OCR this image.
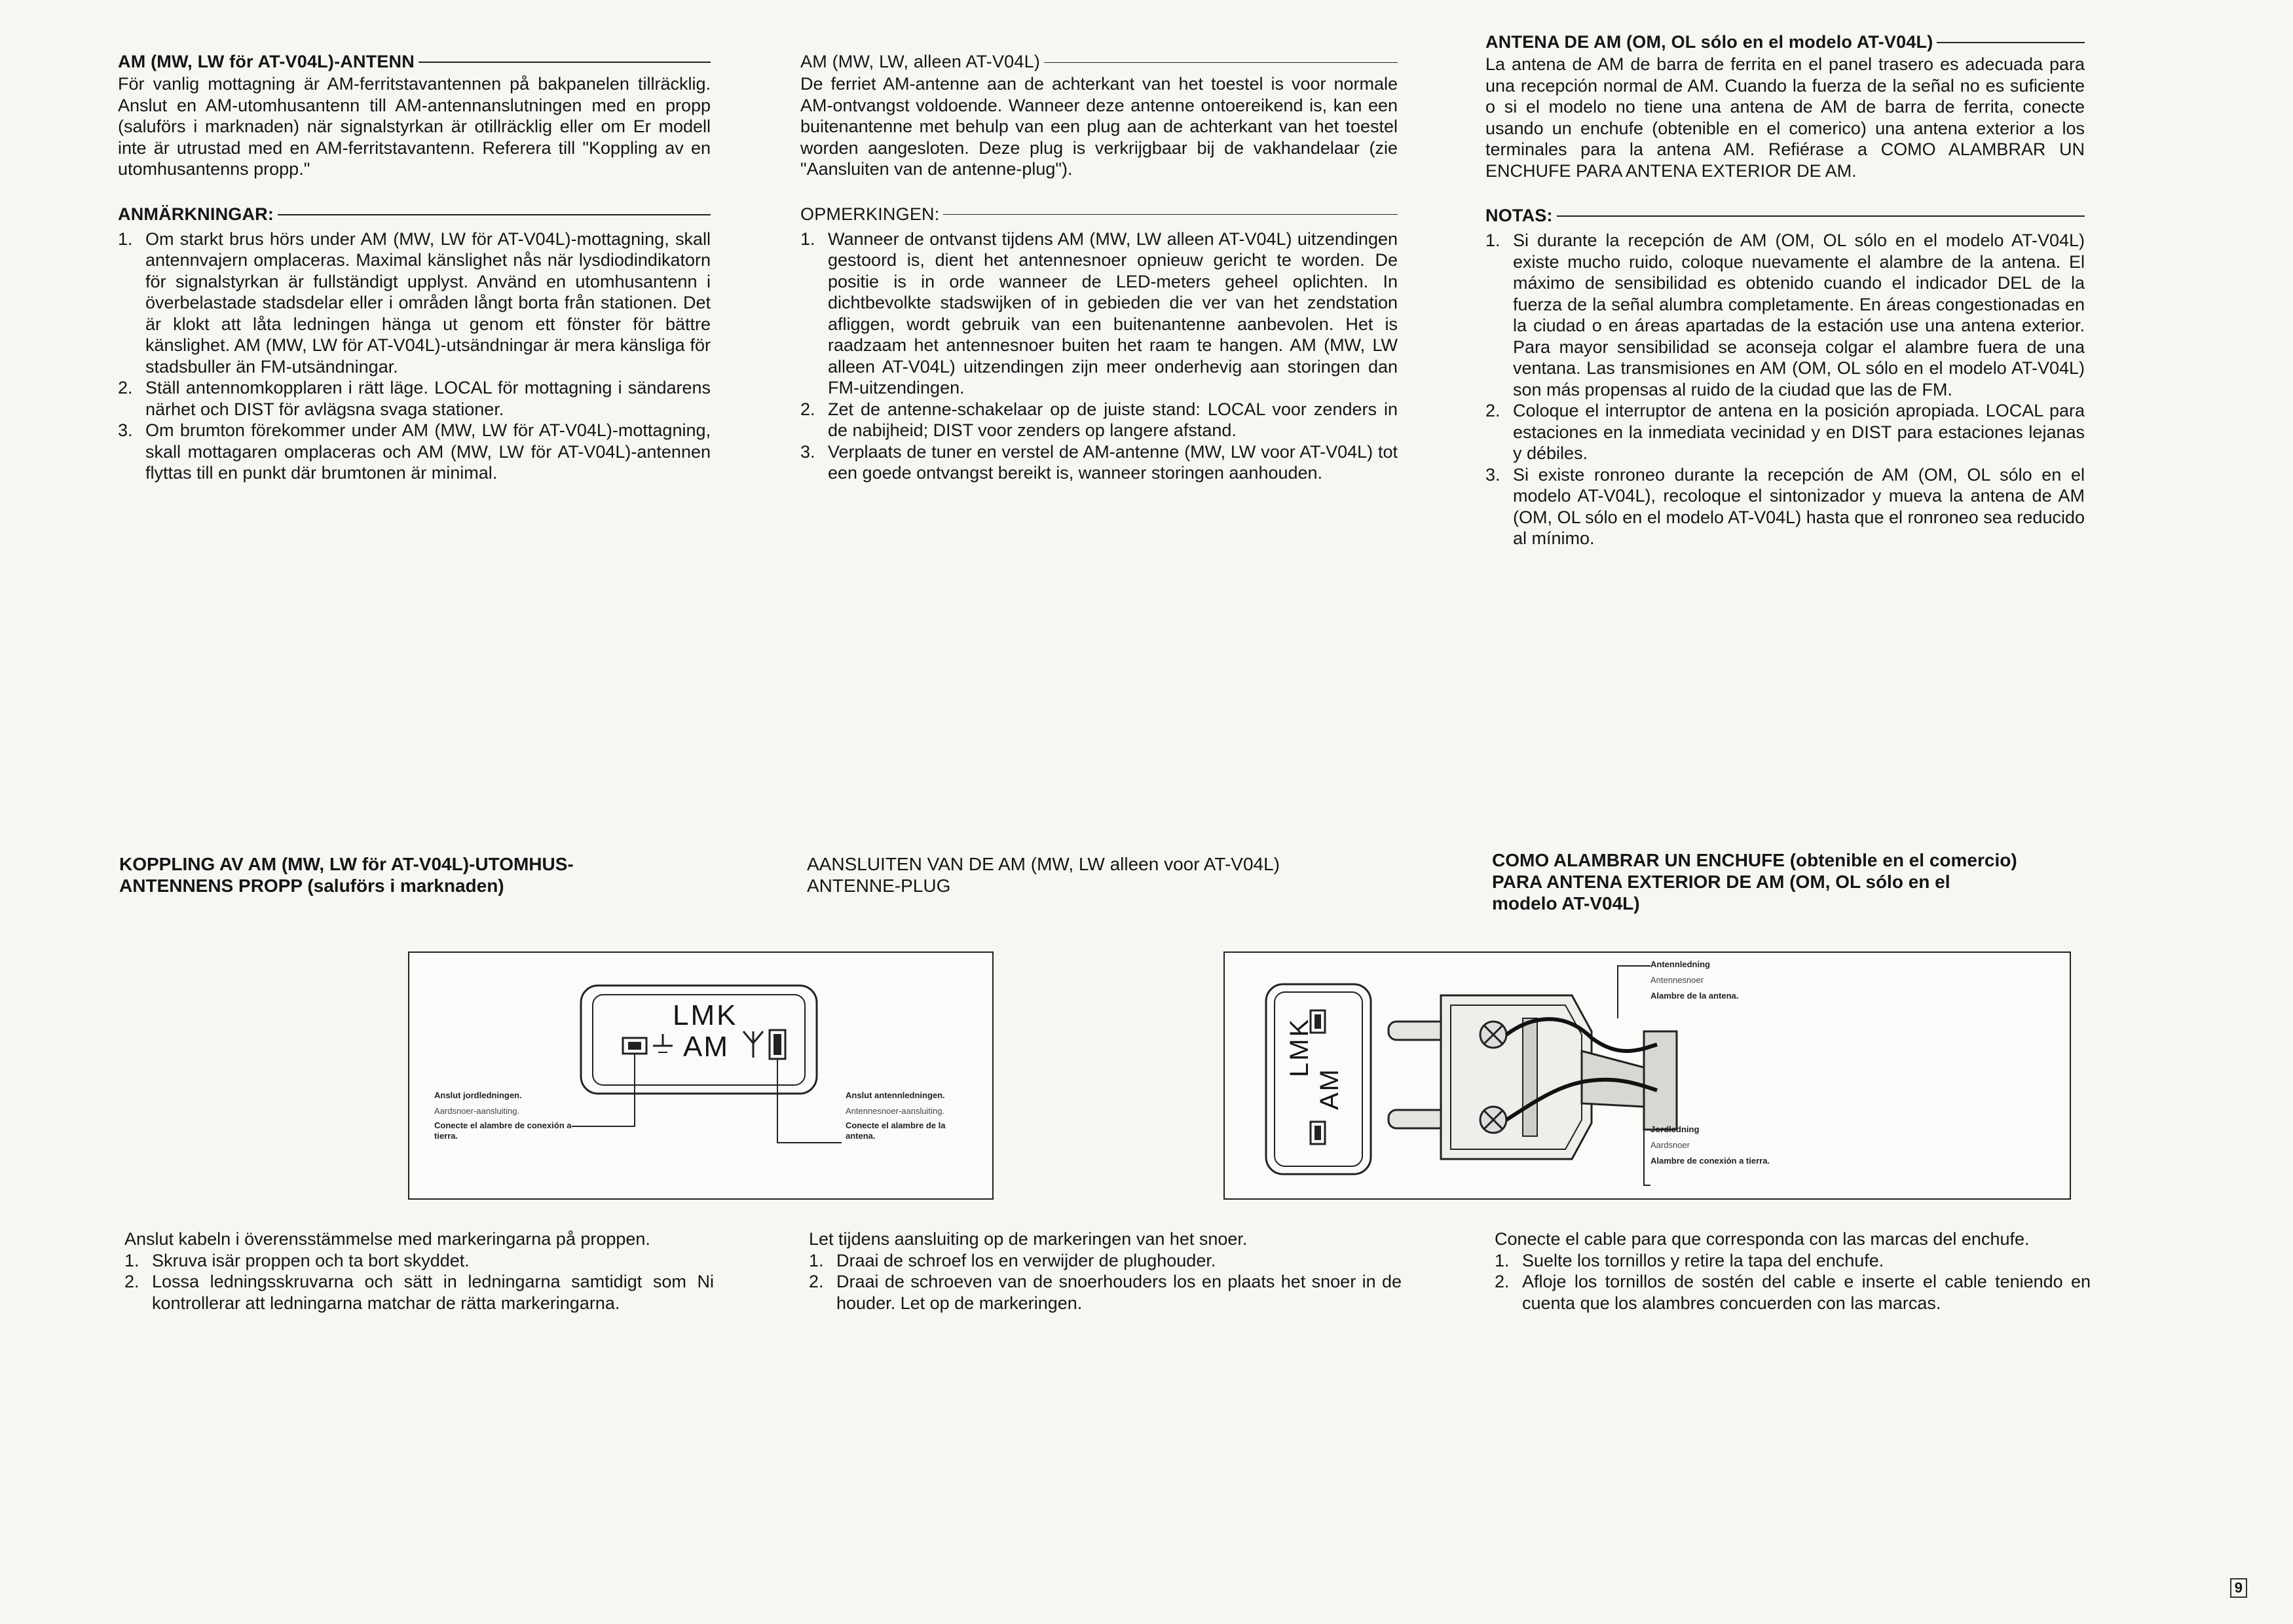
AM (MW, LW för AT-V04L)-ANTENN

För vanlig mottagning är AM-ferritstavantennen på bakpanelen tillräcklig. Anslut en AM-utomhusantenn till AM-antennanslutningen med en propp (saluförs i marknaden) när signalstyrkan är otillräcklig eller om Er modell inte är utrustad med en AM-ferritstavantenn. Referera till "Koppling av en utomhusantenns propp."

ANMÄRKNINGAR:
1. Om starkt brus hörs under AM (MW, LW för AT-V04L)-mottagning, skall antennvajern omplaceras. Maximal känslighet nås när lysdiodindikatorn för signalstyrkan är fullständigt upplyst. Använd en utomhusantenn i överbelastade stadsdelar eller i områden långt borta från stationen. Det är klokt att låta ledningen hänga ut genom ett fönster för bättre känslighet. AM (MW, LW för AT-V04L)-utsändningar är mera känsliga för stadsbuller än FM-utsändningar.
2. Ställ antennomkopplaren i rätt läge. LOCAL för mottagning i sändarens närhet och DIST för avlägsna svaga stationer.
3. Om brumton förekommer under AM (MW, LW för AT-V04L)-mottagning, skall mottagaren omplaceras och AM (MW, LW för AT-V04L)-antennen flyttas till en punkt där brumtonen är minimal.
AM (MW, LW, alleen AT-V04L)

De ferriet AM-antenne aan de achterkant van het toestel is voor normale AM-ontvangst voldoende. Wanneer deze antenne ontoereikend is, kan een buitenantenne met behulp van een plug aan de achterkant van het toestel worden aangesloten. Deze plug is verkrijgbaar bij de vakhandelaar (zie "Aansluiten van de antenne-plug").

OPMERKINGEN:
1. Wanneer de ontvanst tijdens AM (MW, LW alleen AT-V04L) uitzendingen gestoord is, dient het antennesnoer opnieuw gericht te worden. De positie is in orde wanneer de LED-meters geheel oplichten. In dichtbevolkte stadswijken of in gebieden die ver van het zendstation afliggen, wordt gebruik van een buitenantenne aanbevolen. Het is raadzaam het antennesnoer buiten het raam te hangen. AM (MW, LW alleen AT-V04L) uitzendingen zijn meer onderhevig aan storingen dan FM-uitzendingen.
2. Zet de antenne-schakelaar op de juiste stand: LOCAL voor zenders in de nabijheid; DIST voor zenders op langere afstand.
3. Verplaats de tuner en verstel de AM-antenne (MW, LW voor AT-V04L) tot een goede ontvangst bereikt is, wanneer storingen aanhouden.
ANTENA DE AM (OM, OL sólo en el modelo AT-V04L)

La antena de AM de barra de ferrita en el panel trasero es adecuada para una recepción normal de AM. Cuando la fuerza de la señal no es suficiente o si el modelo no tiene una antena de AM de barra de ferrita, conecte usando un enchufe (obtenible en el comerico) una antena exterior a los terminales para la antena AM. Refiérase a COMO ALAMBRAR UN ENCHUFE PARA ANTENA EXTERIOR DE AM.

NOTAS:
1. Si durante la recepción de AM (OM, OL sólo en el modelo AT-V04L) existe mucho ruido, coloque nuevamente el alambre de la antena. El máximo de sensibilidad es obtenido cuando el indicador DEL de la fuerza de la señal alumbra completamente. En áreas congestionadas en la ciudad o en áreas apartadas de la estación use una antena exterior. Para mayor sensibilidad se aconseja colgar el alambre fuera de una ventana. Las transmisiones en AM (OM, OL sólo en el modelo AT-V04L) son más propensas al ruido de la ciudad que las de FM.
2. Coloque el interruptor de antena en la posición apropiada. LOCAL para estaciones en la inmediata vecinidad y en DIST para estaciones lejanas y débiles.
3. Si existe ronroneo durante la recepción de AM (OM, OL sólo en el modelo AT-V04L), recoloque el sintonizador y mueva la antena de AM (OM, OL sólo en el modelo AT-V04L) hasta que el ronroneo sea reducido al mínimo.
KOPPLING AV AM (MW, LW för AT-V04L)-UTOMHUS-
ANTENNENS PROPP (saluförs i marknaden)
AANSLUITEN VAN DE AM (MW, LW alleen voor AT-V04L)
ANTENNE-PLUG
COMO ALAMBRAR UN ENCHUFE (obtenible en el comercio)
PARA ANTENA EXTERIOR DE AM (OM, OL sólo en el
modelo AT-V04L)
LMK
AM
Anslut jordledningen.
Aardsnoer-aansluiting.
Conecte el alambre de conexión a tierra.
Anslut antennledningen.
Antennesnoer-aansluiting.
Conecte el alambre de la antena.
LMK
AM
Antennledning
Antennesnoer
Alambre de la antena.
Jordledning
Aardsnoer
Alambre de conexión a tierra.

Anslut kabeln i överensstämmelse med markeringarna på proppen.

1. Skruva isär proppen och ta bort skyddet.
2. Lossa ledningsskruvarna och sätt in ledningarna samtidigt som Ni kontrollerar att ledningarna matchar de rätta markeringarna.

Let tijdens aansluiting op de markeringen van het snoer.

1. Draai de schroef los en verwijder de plughouder.
2. Draai de schroeven van de snoerhouders los en plaats het snoer in de houder. Let op de markeringen.

Conecte el cable para que corresponda con las marcas del enchufe.

1. Suelte los tornillos y retire la tapa del enchufe.
2. Afloje los tornillos de sostén del cable e inserte el cable teniendo en cuenta que los alambres concuerden con las marcas.
9
